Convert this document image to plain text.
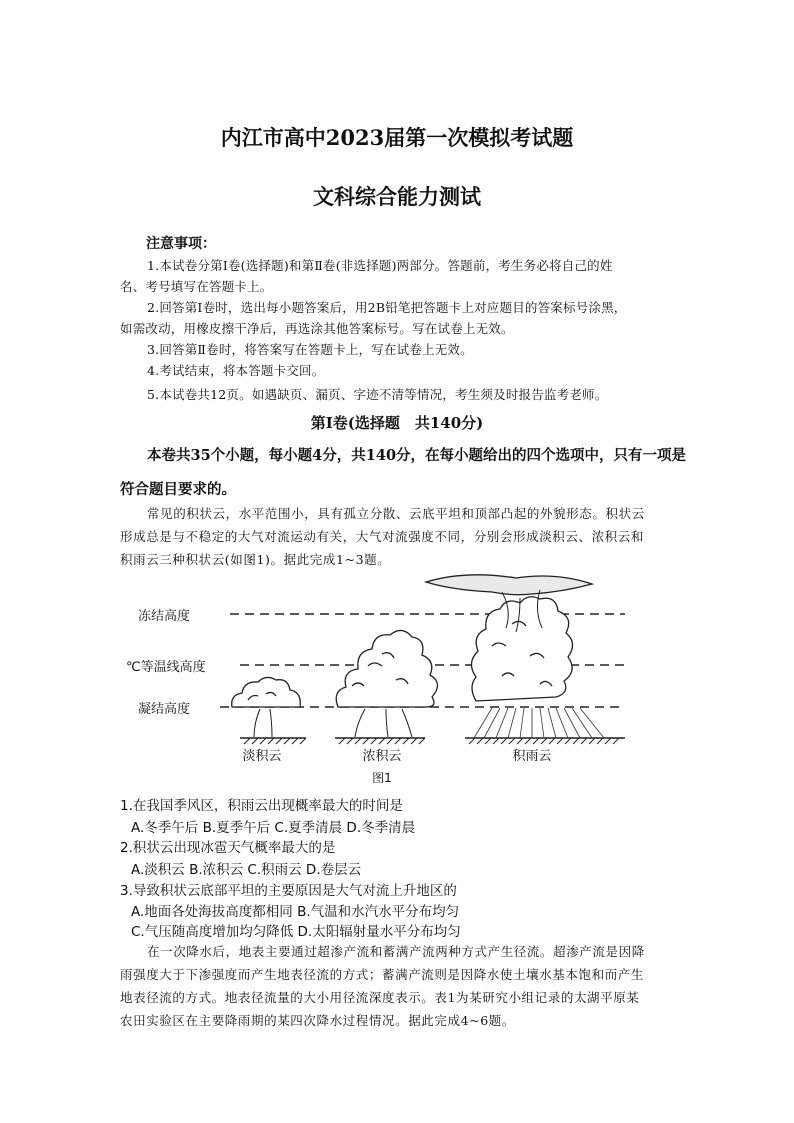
内江市高中2023届第一次模拟考试题
文科综合能力测试
注意事项：
1.本试卷分第Ⅰ卷(选择题)和第Ⅱ卷(非选择题)两部分。答题前，考生务必将自己的姓
名、考号填写在答题卡上。
2.回答第Ⅰ卷时，选出每小题答案后，用2B铅笔把答题卡上对应题目的答案标号涂黑，
如需改动，用橡皮擦干净后，再选涂其他答案标号。写在试卷上无效。
3.回答第Ⅱ卷时，将答案写在答题卡上，写在试卷上无效。
4.考试结束，将本答题卡交回。
5.本试卷共12页。如遇缺页、漏页、字迹不清等情况，考生须及时报告监考老师。
第Ⅰ卷(选择题　共140分)
本卷共35个小题，每小题4分，共140分，在每小题给出的四个选项中，只有一项是
符合题目要求的。
常见的积状云，水平范围小，具有孤立分散、云底平坦和顶部凸起的外貌形态。积状云
形成总是与不稳定的大气对流运动有关，大气对流强度不同，分别会形成淡积云、浓积云和
积雨云三种积状云(如图1)。据此完成1~3题。
冻结高度
℃等温线高度
凝结高度
淡积云	浓积云	积雨云
图1
1.在我国季风区，积雨云出现概率最大的时间是
A.冬季午后 B.夏季午后 C.夏季清晨 D.冬季清晨
2.积状云出现冰雹天气概率最大的是
A.淡积云 B.浓积云 C.积雨云 D.卷层云
3.导致积状云底部平坦的主要原因是大气对流上升地区的
A.地面各处海拔高度都相同 B.气温和水汽水平分布均匀
C.气压随高度增加均匀降低 D.太阳辐射量水平分布均匀
在一次降水后，地表主要通过超渗产流和蓄满产流两种方式产生径流。超渗产流是因降
雨强度大于下渗强度而产生地表径流的方式；蓄满产流则是因降水使土壤水基本饱和而产生
地表径流的方式。地表径流量的大小用径流深度表示。表1为某研究小组记录的太湖平原某
农田实验区在主要降雨期的某四次降水过程情况。据此完成4~6题。
